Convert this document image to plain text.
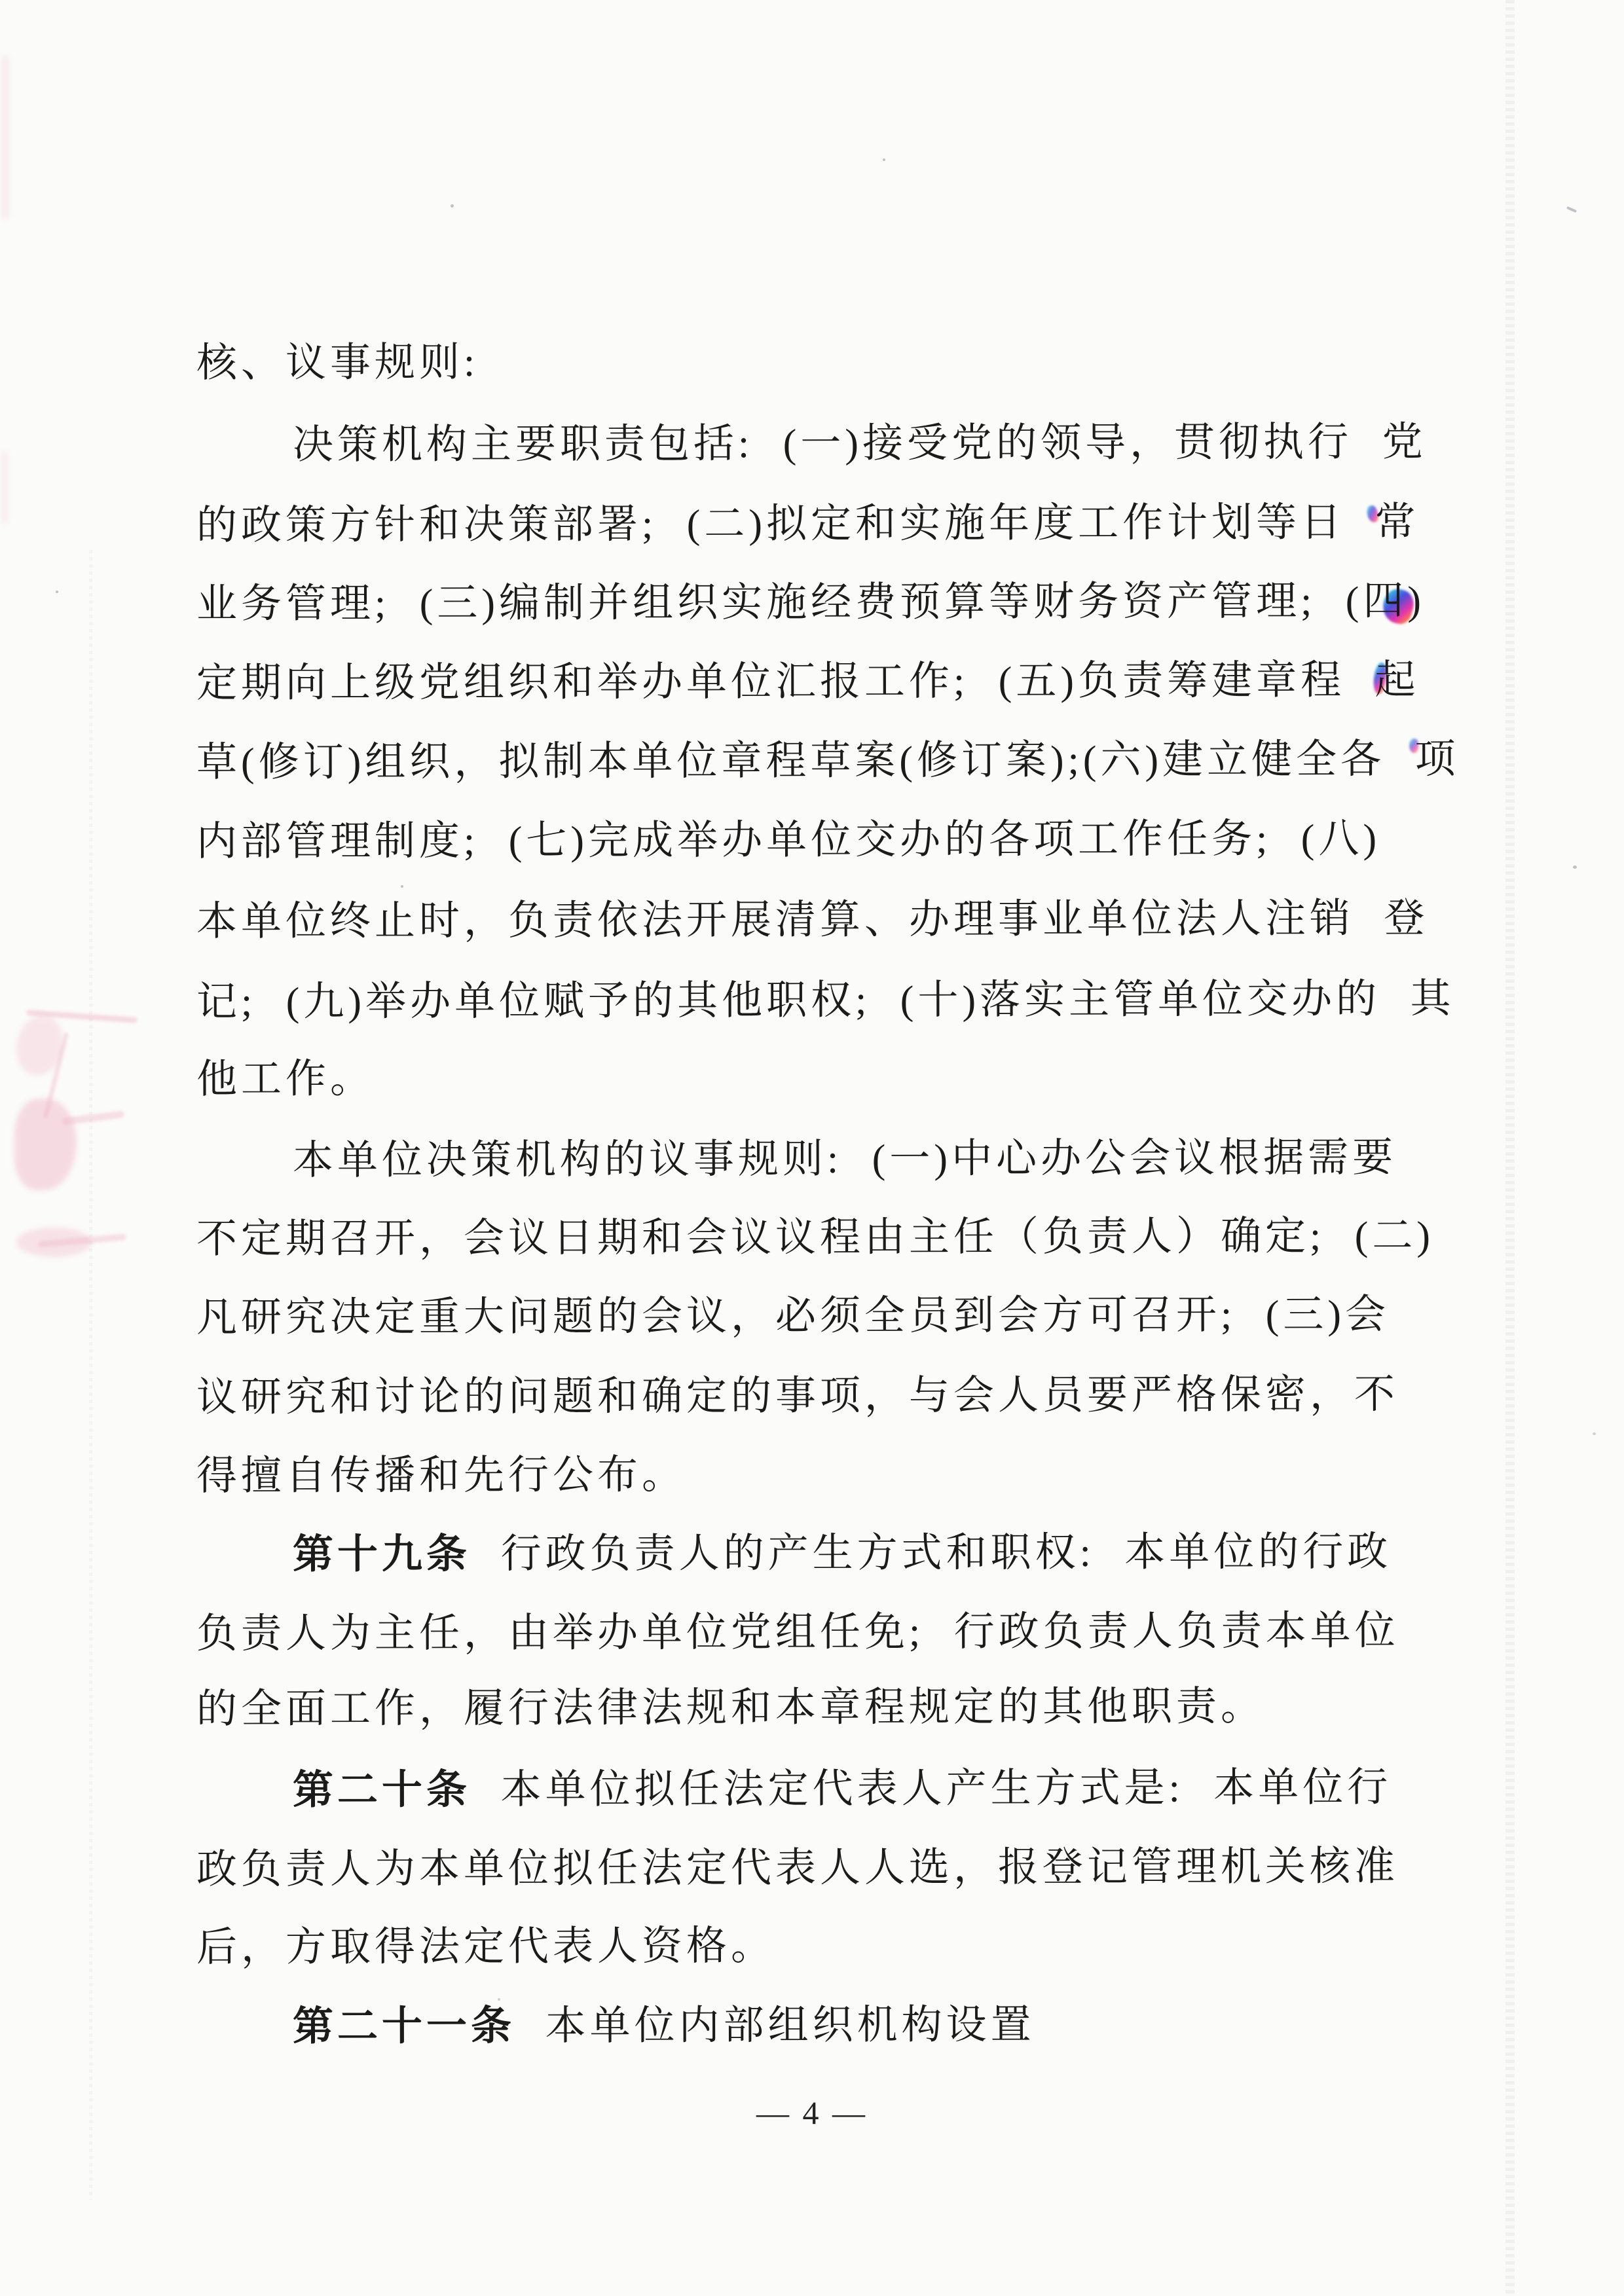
核、议事规则:
决策机构主要职责包括: (一)接受党的领导，贯彻执行 党
的政策方针和决策部署; (二)拟定和实施年度工作计划等日 常
业务管理; (三)编制并组织实施经费预算等财务资产管理; (四)
定期向上级党组织和举办单位汇报工作; (五)负责筹建章程 起
草(修订)组织，拟制本单位章程草案(修订案);(六)建立健全各 项
内部管理制度; (七)完成举办单位交办的各项工作任务; (八)
本单位终止时，负责依法开展清算、办理事业单位法人注销 登
记; (九)举办单位赋予的其他职权; (十)落实主管单位交办的 其
他工作。
本单位决策机构的议事规则: (一)中心办公会议根据需要
不定期召开，会议日期和会议议程由主任（负责人）确定; (二)
凡研究决定重大问题的会议，必须全员到会方可召开; (三)会
议研究和讨论的问题和确定的事项，与会人员要严格保密，不
得擅自传播和先行公布。
第十九条 行政负责人的产生方式和职权: 本单位的行政
负责人为主任，由举办单位党组任免; 行政负责人负责本单位
的全面工作，履行法律法规和本章程规定的其他职责。
第二十条 本单位拟任法定代表人产生方式是: 本单位行
政负责人为本单位拟任法定代表人人选，报登记管理机关核准
后，方取得法定代表人资格。
第二十一条 本单位内部组织机构设置
— 4 —
